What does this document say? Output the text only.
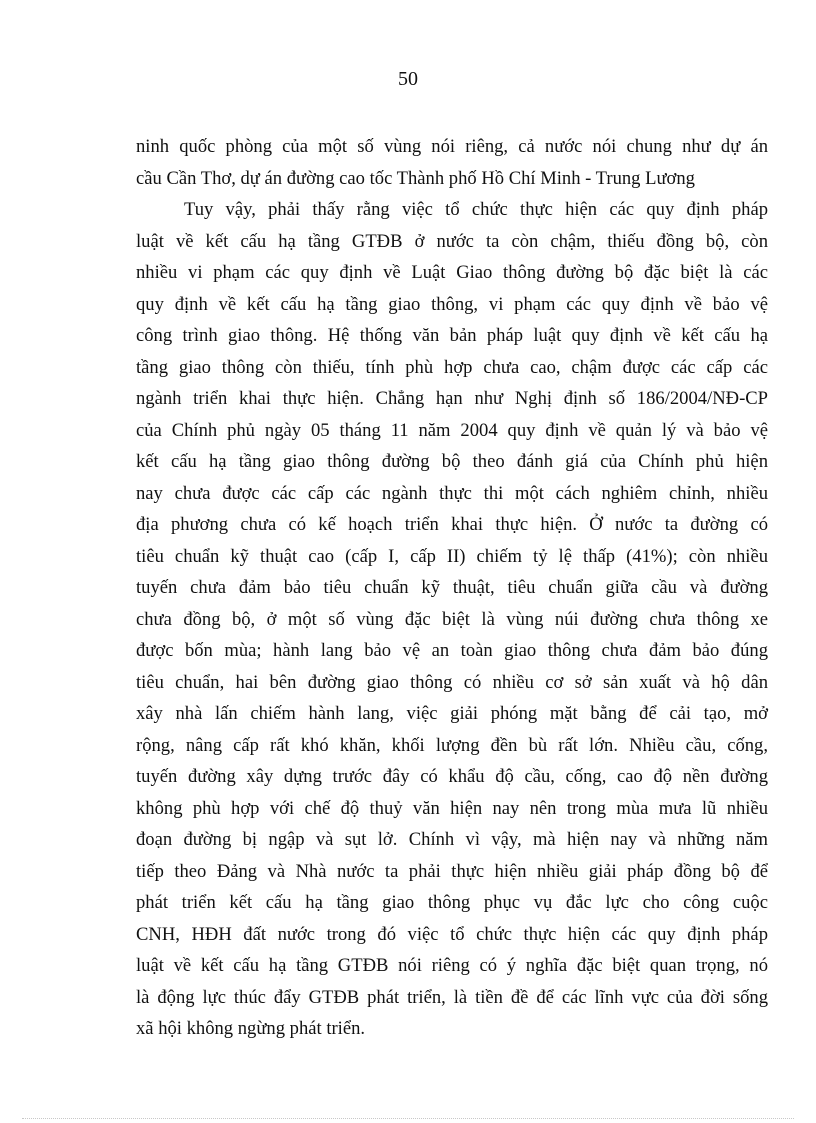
50
ninh quốc phòng của một số vùng nói riêng, cả nước nói chung như dự án
cầu Cần Thơ, dự án đường cao tốc Thành phố Hồ Chí Minh - Trung Lương
Tuy vậy, phải thấy rằng việc tổ chức thực hiện các quy định pháp
luật về kết cấu hạ tầng GTĐB ở nước ta còn chậm, thiếu đồng bộ, còn
nhiều vi phạm các quy định về Luật Giao thông đường bộ đặc biệt là các
quy định về kết cấu hạ tầng giao thông, vi phạm các quy định về bảo vệ
công trình giao thông. Hệ thống văn bản pháp luật quy định về kết cấu hạ
tầng giao thông còn thiếu, tính phù hợp chưa cao, chậm được các cấp các
ngành triển khai thực hiện. Chẳng hạn như Nghị định số 186/2004/NĐ-CP
của Chính phủ ngày 05 tháng 11 năm 2004 quy định về quản lý và bảo vệ
kết cấu hạ tầng giao thông đường bộ theo đánh giá của Chính phủ hiện
nay chưa được các cấp các ngành thực thi một cách nghiêm chỉnh, nhiều
địa phương chưa có kế hoạch triển khai thực hiện. Ở nước ta đường có
tiêu chuẩn kỹ thuật cao (cấp I, cấp II) chiếm tỷ lệ thấp (41%); còn nhiều
tuyến chưa đảm bảo tiêu chuẩn kỹ thuật, tiêu chuẩn giữa cầu và đường
chưa đồng bộ, ở một số vùng đặc biệt là vùng núi đường chưa thông xe
được bốn mùa; hành lang bảo vệ an toàn giao thông chưa đảm bảo đúng
tiêu chuẩn, hai bên đường giao thông có nhiều cơ sở sản xuất và hộ dân
xây nhà lấn chiếm hành lang, việc giải phóng mặt bằng để cải tạo, mở
rộng, nâng cấp rất khó khăn, khối lượng đền bù rất lớn. Nhiều cầu, cống,
tuyến đường xây dựng trước đây có khẩu độ cầu, cống, cao độ nền đường
không phù hợp với chế độ thuỷ văn hiện nay nên trong mùa mưa lũ nhiều
đoạn đường bị ngập và sụt lở. Chính vì vậy, mà hiện nay và những năm
tiếp theo Đảng và Nhà nước ta phải thực hiện nhiều giải pháp đồng bộ để
phát triển kết cấu hạ tầng giao thông phục vụ đắc lực cho công cuộc
CNH, HĐH đất nước trong đó việc tổ chức thực hiện các quy định pháp
luật về kết cấu hạ tầng GTĐB nói riêng có ý nghĩa đặc biệt quan trọng, nó
là động lực thúc đẩy GTĐB phát triển, là tiền đề để các lĩnh vực của đời sống
xã hội không ngừng phát triển.
